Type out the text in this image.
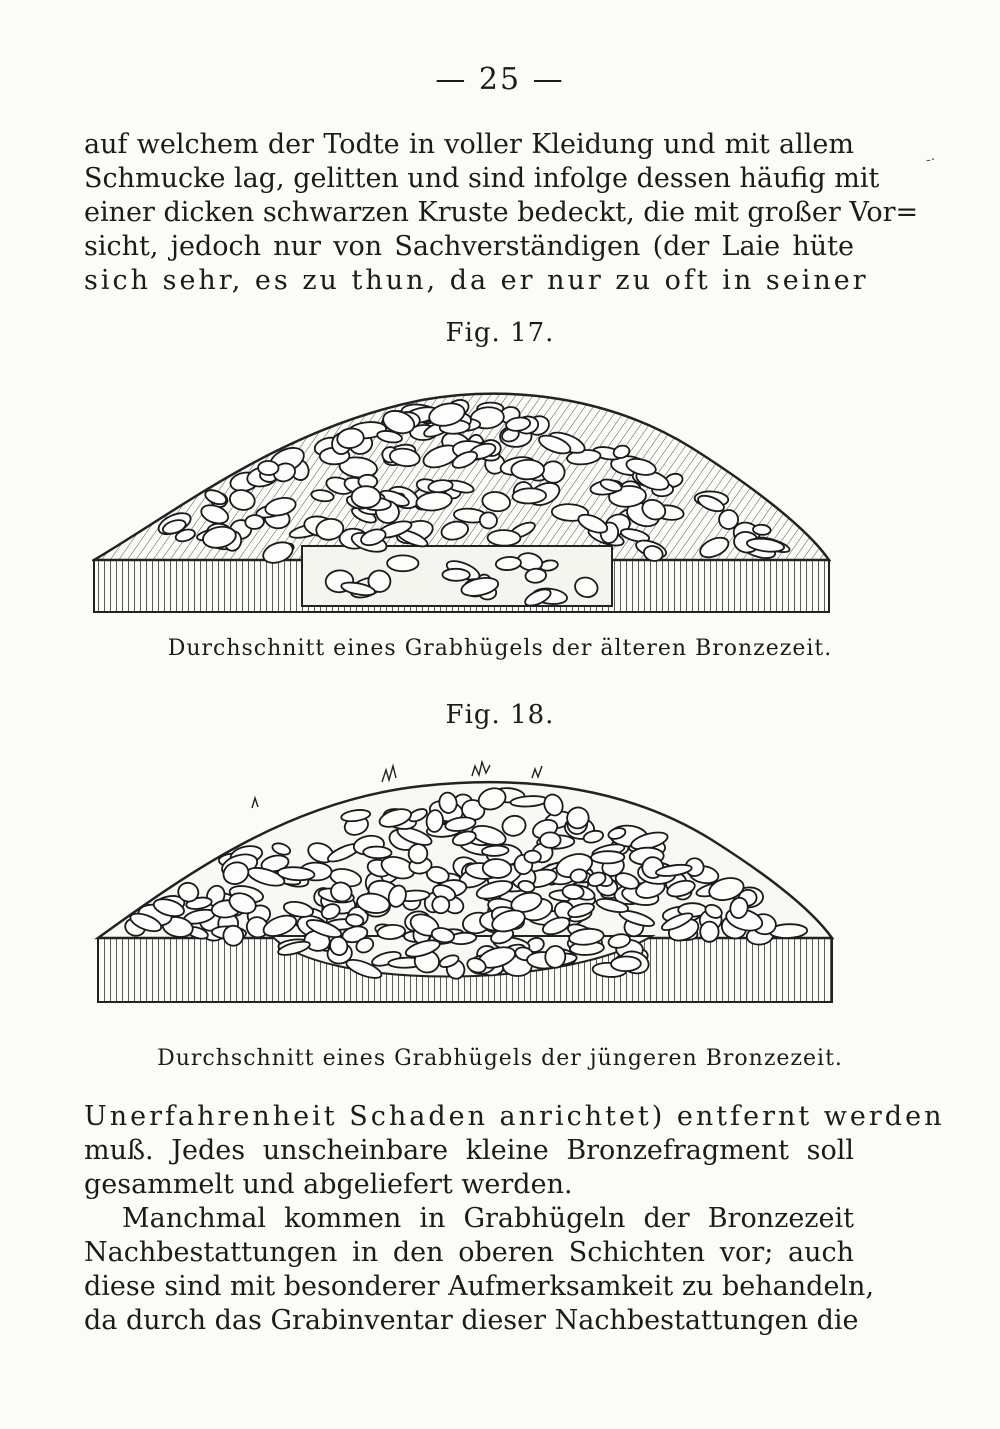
— 25 —
-·
auf welchem der Todte in voller Kleidung und mit allem
Schmucke lag, gelitten und sind infolge dessen häufig mit
einer dicken schwarzen Kruste bedeckt, die mit großer Vor=
sicht, jedoch nur von Sachverständigen (der Laie hüte
sich sehr, es zu thun, da er nur zu oft in seiner
Fig. 17.
Durchschnitt eines Grabhügels der älteren Bronzezeit.
Fig. 18.
Durchschnitt eines Grabhügels der jüngeren Bronzezeit.
Unerfahrenheit Schaden anrichtet) entfernt werden
muß. Jedes unscheinbare kleine Bronzefragment soll
gesammelt und abgeliefert werden.
Manchmal kommen in Grabhügeln der Bronzezeit
Nachbestattungen in den oberen Schichten vor; auch
diese sind mit besonderer Aufmerksamkeit zu behandeln,
da durch das Grabinventar dieser Nachbestattungen die
